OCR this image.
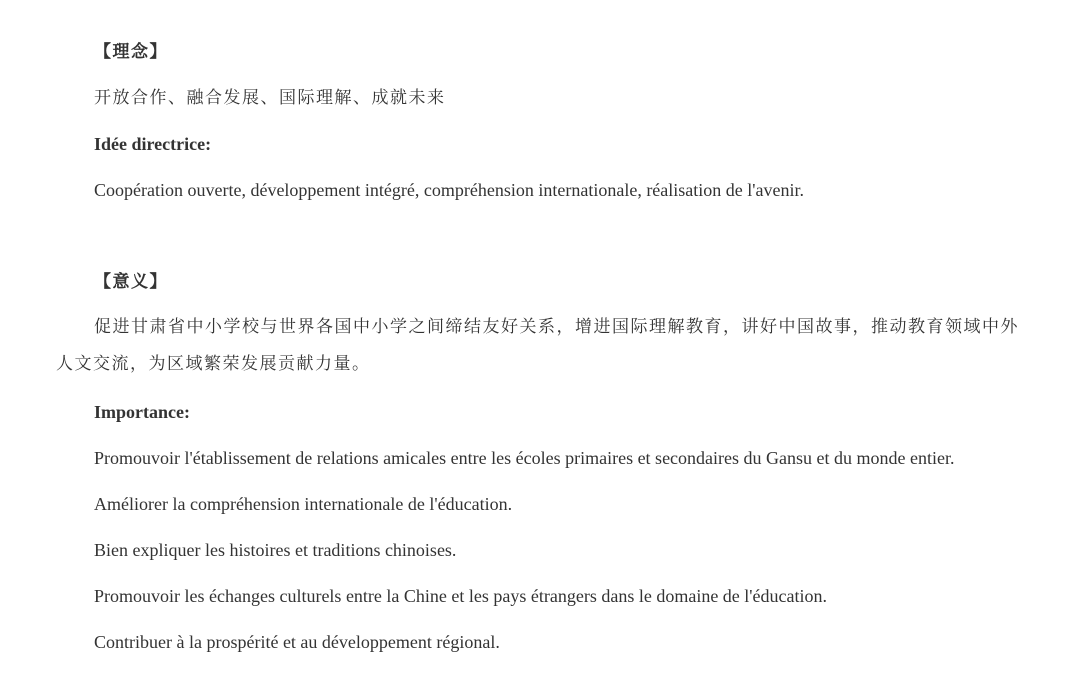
【理念】
开放合作、融合发展、国际理解、成就未来
Idée directrice:
Coopération ouverte, développement intégré, compréhension internationale, réalisation de l'avenir.
【意义】
促进甘肃省中小学校与世界各国中小学之间缔结友好关系，增进国际理解教育，讲好中国故事，推动教育领域中外人文交流，为区域繁荣发展贡献力量。
Importance:
Promouvoir l'établissement de relations amicales entre les écoles primaires et secondaires du Gansu et du monde entier.
Améliorer la compréhension internationale de l'éducation.
Bien expliquer les histoires et traditions chinoises.
Promouvoir les échanges culturels entre la Chine et les pays étrangers dans le domaine de l'éducation.
Contribuer à la prospérité et au développement régional.
